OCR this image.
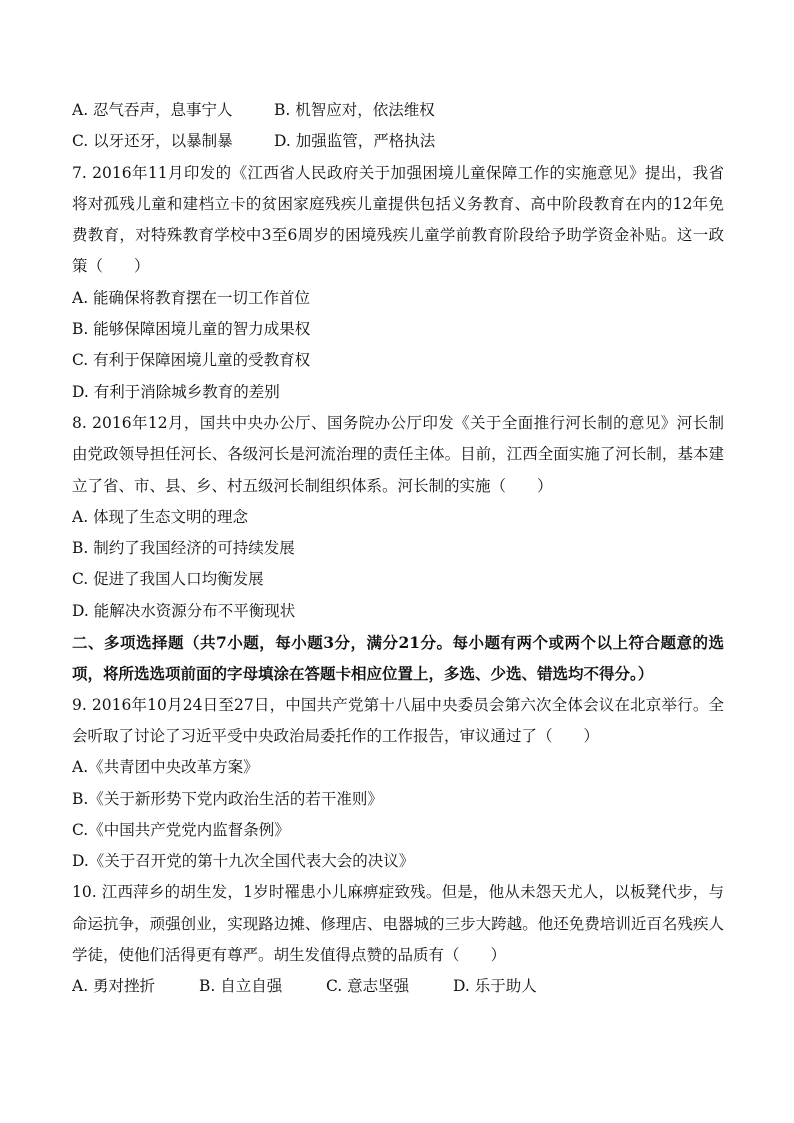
A. 忍气吞声，息事宁人	B. 机智应对，依法维权
C. 以牙还牙，以暴制暴	D. 加强监管，严格执法
7. 2016年11月印发的《江西省人民政府关于加强困境儿童保障工作的实施意见》提出，我省将对孤残儿童和建档立卡的贫困家庭残疾儿童提供包括义务教育、高中阶段教育在内的12年免费教育，对特殊教育学校中3至6周岁的困境残疾儿童学前教育阶段给予助学资金补贴。这一政策（　　）
A. 能确保将教育摆在一切工作首位
B. 能够保障困境儿童的智力成果权
C. 有利于保障困境儿童的受教育权
D. 有利于消除城乡教育的差别
8. 2016年12月，国共中央办公厅、国务院办公厅印发《关于全面推行河长制的意见》河长制由党政领导担任河长、各级河长是河流治理的责任主体。目前，江西全面实施了河长制，基本建立了省、市、县、乡、村五级河长制组织体系。河长制的实施（　　）
A. 体现了生态文明的理念
B. 制约了我国经济的可持续发展
C. 促进了我国人口均衡发展
D. 能解决水资源分布不平衡现状
二、多项选择题（共7小题，每小题3分，满分21分。每小题有两个或两个以上符合题意的选项，将所选选项前面的字母填涂在答题卡相应位置上，多选、少选、错选均不得分。）
9. 2016年10月24日至27日，中国共产党第十八届中央委员会第六次全体会议在北京举行。全会听取了讨论了习近平受中央政治局委托作的工作报告，审议通过了（　　）
A.《共青团中央改革方案》
B.《关于新形势下党内政治生活的若干准则》
C.《中国共产党党内监督条例》
D.《关于召开党的第十九次全国代表大会的决议》
10. 江西萍乡的胡生发，1岁时罹患小儿麻痹症致残。但是，他从未怨天尤人，以板凳代步，与命运抗争，顽强创业，实现路边摊、修理店、电器城的三步大跨越。他还免费培训近百名残疾人学徒，使他们活得更有尊严。胡生发值得点赞的品质有（　　）
A. 勇对挫折	B. 自立自强	C. 意志坚强	D. 乐于助人
